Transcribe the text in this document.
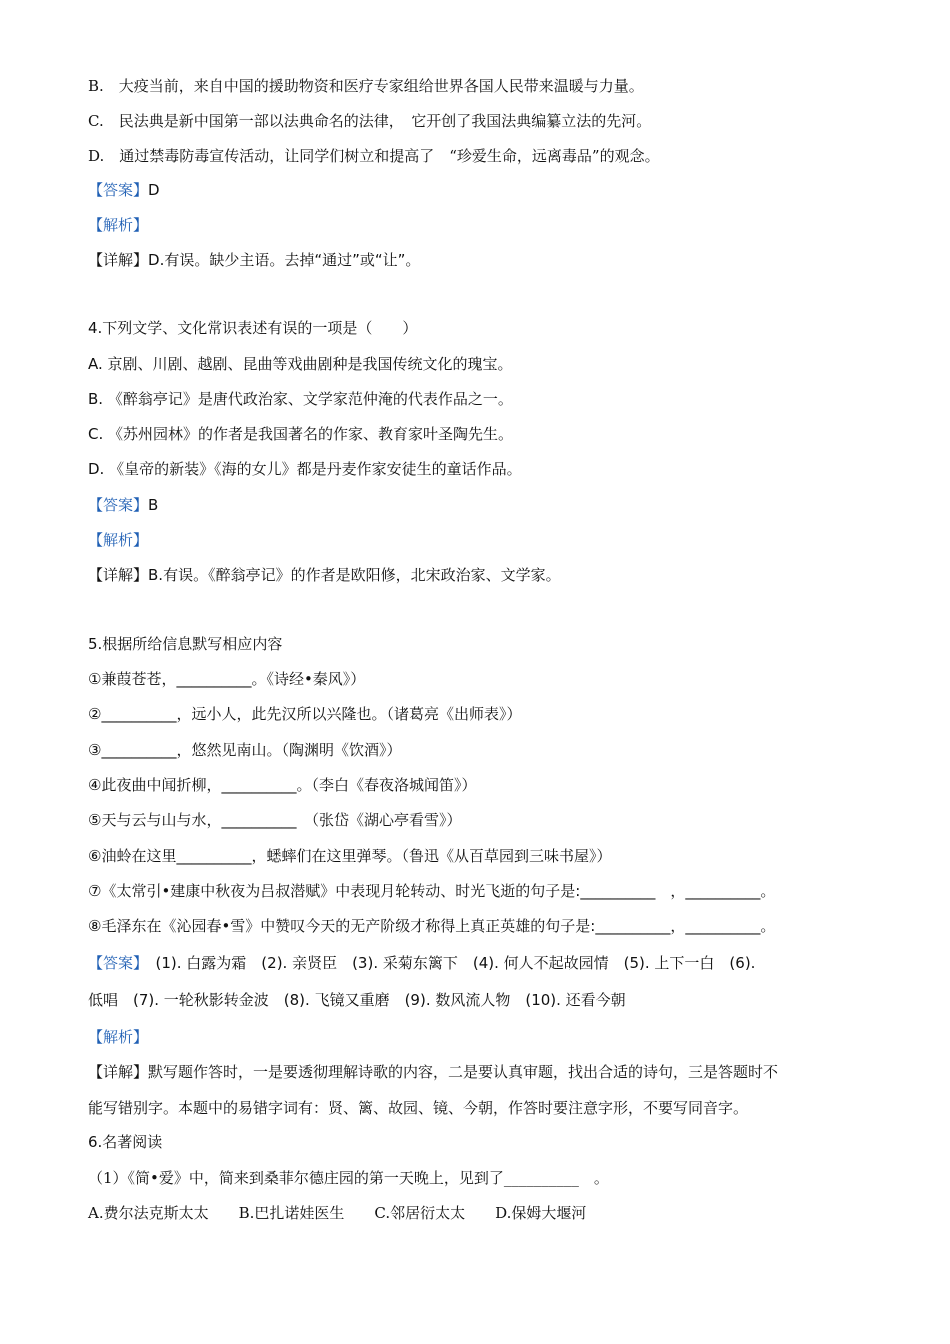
B.　大疫当前，来自中国的援助物资和医疗专家组给世界各国人民带来温暖与力量。
C.　民法典是新中国第一部以法典命名的法律，　它开创了我国法典编纂立法的先河。
D.　通过禁毒防毒宣传活动，让同学们树立和提高了　“珍爱生命，远离毒品”的观念。
【答案】D
【解析】
【详解】D.有误。缺少主语。去掉“通过”或“让”。
4.下列文学、文化常识表述有误的一项是（　　）
A. 京剧、川剧、越剧、昆曲等戏曲剧种是我国传统文化的瑰宝。
B. 《醉翁亭记》是唐代政治家、文学家范仲淹的代表作品之一。
C. 《苏州园林》的作者是我国著名的作家、教育家叶圣陶先生。
D. 《皇帝的新装》《海的女儿》都是丹麦作家安徒生的童话作品。
【答案】B
【解析】
【详解】B.有误。《醉翁亭记》的作者是欧阳修，北宋政治家、文学家。
5.根据所给信息默写相应内容
①兼葭苍苍，__________。《诗经•秦风》）
②__________，远小人，此先汉所以兴隆也。（诸葛亮《出师表》）
③__________，悠然见南山。（陶渊明《饮酒》）
④此夜曲中闻折柳，__________。（李白《春夜洛城闻笛》）
⑤天与云与山与水，__________　（张岱《湖心亭看雪》）
⑥油蛉在这里__________，蟋蟀们在这里弹琴。（鲁迅《从百草园到三味书屋》）
⑦《太常引•建康中秋夜为吕叔潜赋》中表现月轮转动、时光飞逝的句子是:__________　，__________。
⑧毛泽东在《沁园春•雪》中赞叹今天的无产阶级才称得上真正英雄的句子是:__________，__________。
【答案】　(1). 白露为霜　(2). 亲贤臣　(3). 采菊东篱下　(4). 何人不起故园情　(5). 上下一白　(6).
低唱　(7). 一轮秋影转金波　(8). 飞镜又重磨　(9). 数风流人物　(10). 还看今朝
【解析】
【详解】默写题作答时，一是要透彻理解诗歌的内容，二是要认真审题，找出合适的诗句，三是答题时不
能写错别字。本题中的易错字词有：贤、篱、故园、镜、今朝，作答时要注意字形，不要写同音字。
6.名著阅读
（1）《简•爱》中，简来到桑菲尔德庄园的第一天晚上，见到了__________　。
A.费尔法克斯太太　　B.巴扎诺娃医生　　C.邻居衍太太　　D.保姆大堰河
